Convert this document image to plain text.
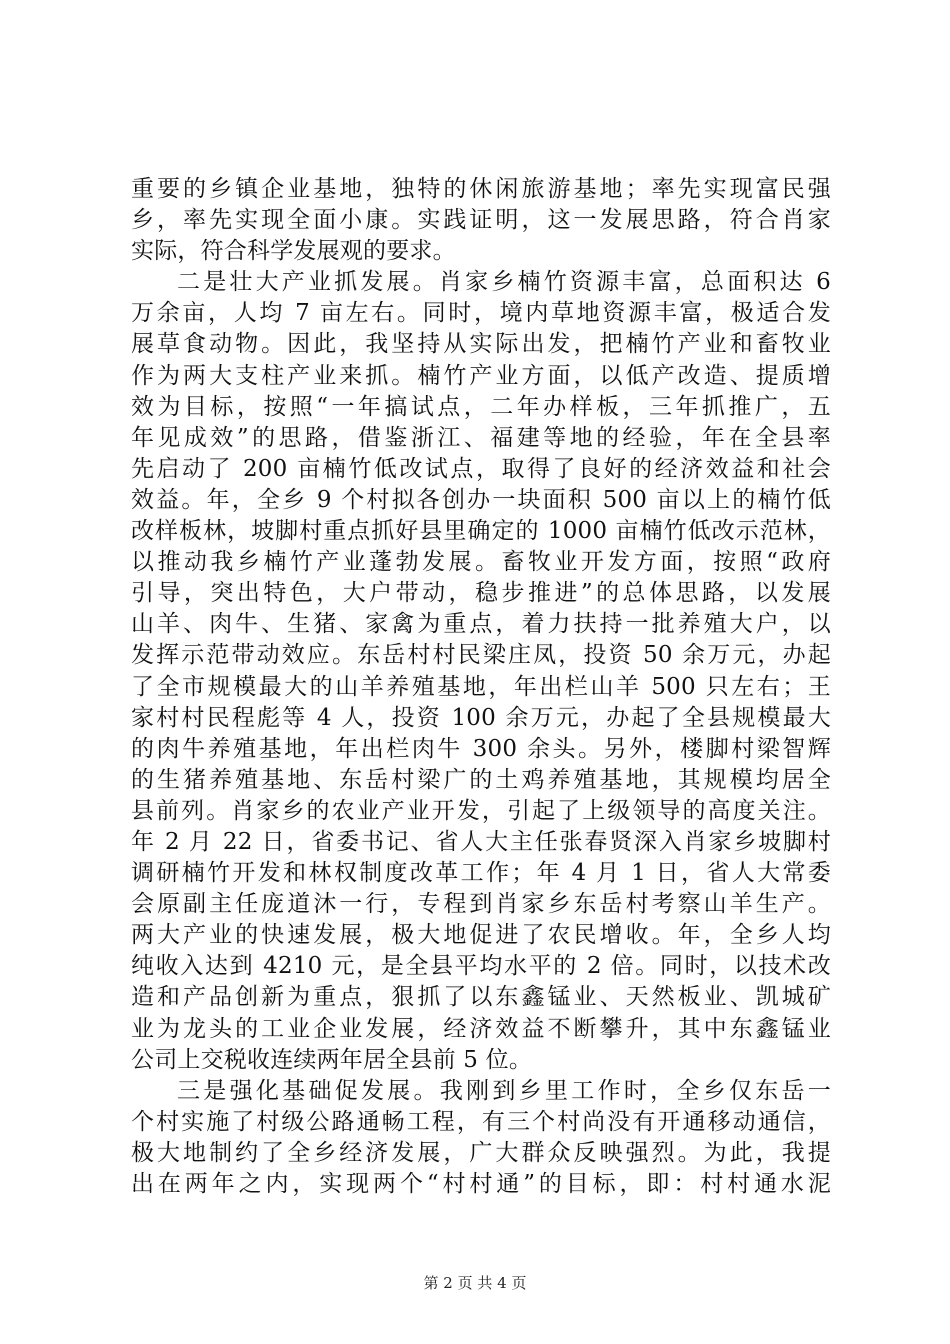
重要的乡镇企业基地，独特的休闲旅游基地；率先实现富民强
乡，率先实现全面小康。实践证明，这一发展思路，符合肖家
实际，符合科学发展观的要求。
二是壮大产业抓发展。肖家乡楠竹资源丰富，总面积达 6
万余亩，人均 7 亩左右。同时，境内草地资源丰富，极适合发
展草食动物。因此，我坚持从实际出发，把楠竹产业和畜牧业
作为两大支柱产业来抓。楠竹产业方面，以低产改造、提质增
效为目标，按照“一年搞试点，二年办样板，三年抓推广，五
年见成效”的思路，借鉴浙江、福建等地的经验，年在全县率
先启动了 200 亩楠竹低改试点，取得了良好的经济效益和社会
效益。年，全乡 9 个村拟各创办一块面积 500 亩以上的楠竹低
改样板林，坡脚村重点抓好县里确定的 1000 亩楠竹低改示范林，
以推动我乡楠竹产业蓬勃发展。畜牧业开发方面，按照“政府
引导，突出特色，大户带动，稳步推进”的总体思路，以发展
山羊、肉牛、生猪、家禽为重点，着力扶持一批养殖大户，以
发挥示范带动效应。东岳村村民梁庄凤，投资 50 余万元，办起
了全市规模最大的山羊养殖基地，年出栏山羊 500 只左右；王
家村村民程彪等 4 人，投资 100 余万元，办起了全县规模最大
的肉牛养殖基地，年出栏肉牛 300 余头。另外，楼脚村梁智辉
的生猪养殖基地、东岳村梁广的土鸡养殖基地，其规模均居全
县前列。肖家乡的农业产业开发，引起了上级领导的高度关注。
年 2 月 22 日，省委书记、省人大主任张春贤深入肖家乡坡脚村
调研楠竹开发和林权制度改革工作；年 4 月 1 日，省人大常委
会原副主任庞道沐一行，专程到肖家乡东岳村考察山羊生产。
两大产业的快速发展，极大地促进了农民增收。年，全乡人均
纯收入达到 4210 元，是全县平均水平的 2 倍。同时，以技术改
造和产品创新为重点，狠抓了以东鑫锰业、天然板业、凯城矿
业为龙头的工业企业发展，经济效益不断攀升，其中东鑫锰业
公司上交税收连续两年居全县前 5 位。
三是强化基础促发展。我刚到乡里工作时，全乡仅东岳一
个村实施了村级公路通畅工程，有三个村尚没有开通移动通信，
极大地制约了全乡经济发展，广大群众反映强烈。为此，我提
出在两年之内，实现两个“村村通”的目标，即：村村通水泥
第 2 页 共 4 页
